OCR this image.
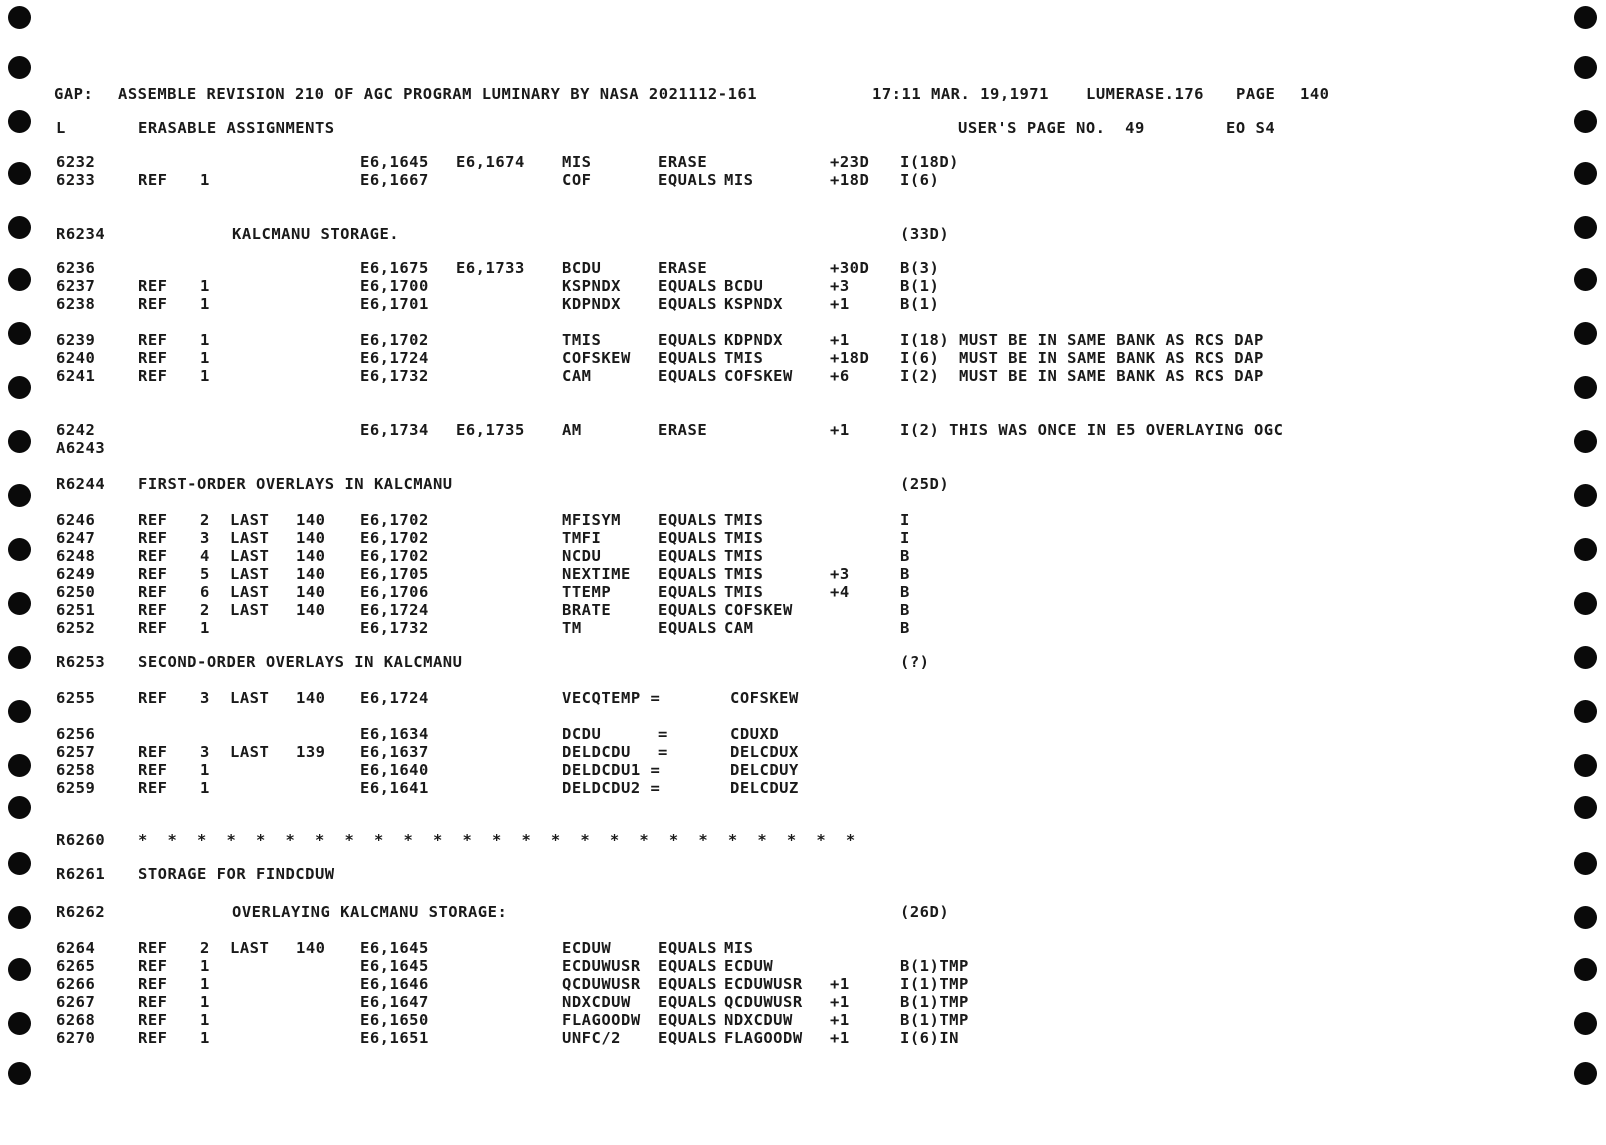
GAP:

ASSEMBLE REVISION 210 OF AGC PROGRAM LUMINARY BY NASA 2021112-161

	17:11 MAR. 19,1971

LUMERASE.176

PAGE

140

L

	ERASABLE ASSIGNMENTS

	USER'S PAGE NO.  49

	EO S4

6232	E6,1645 E6,1674 MIS	ERASE	+23D I(18D)
6233	REF 1	E6,1667	COF	EQUALS MIS	+18D I(6)
R6234	KALCMANU STORAGE.	(33D)
6236	E6,1675 E6,1733 BCDU	ERASE	+30D B(3)
6237	REF 1	E6,1700	KSPNDX EQUALS BCDU	+3	B(1)
6238	REF 1	E6,1701	KDPNDX EQUALS KSPNDX	+1	B(1)
6239	REF 1	E6,1702	TMIS	EQUALS KDPNDX	+1	I(18) MUST BE IN SAME BANK AS RCS DAP
6240	REF 1	E6,1724	COFSKEW EQUALS TMIS	+18D I(6)  MUST BE IN SAME BANK AS RCS DAP
6241	REF 1	E6,1732	CAM	EQUALS COFSKEW +6	I(2)  MUST BE IN SAME BANK AS RCS DAP
6242	E6,1734 E6,1735 AM	ERASE	+1	I(2) THIS WAS ONCE IN E5 OVERLAYING OGC
A6243
R6244 FIRST-ORDER OVERLAYS IN KALCMANU	(25D)
6246	REF 2 LAST 140 E6,1702	MFISYM EQUALS TMIS	I
6247	REF 3 LAST 140 E6,1702	TMFI	EQUALS TMIS	I
6248	REF 4 LAST 140 E6,1702	NCDU	EQUALS TMIS	B
6249	REF 5 LAST 140 E6,1705	NEXTIME EQUALS TMIS	+3	B
6250	REF 6 LAST 140 E6,1706	TTEMP	EQUALS TMIS	+4	B
6251	REF 2 LAST 140 E6,1724	BRATE	EQUALS COFSKEW	B
6252	REF 1	E6,1732	TM	EQUALS CAM	B
R6253 SECOND-ORDER OVERLAYS IN KALCMANU	(?)
6255	REF 3 LAST 140 E6,1724	VECQTEMP =	COFSKEW
6256	E6,1634	DCDU	=	CDUXD
6257	REF 3 LAST 139 E6,1637	DELDCDU =	DELCDUX
6258	REF 1	E6,1640	DELDCDU1 =	DELCDUY
6259	REF 1	E6,1641	DELDCDU2 =	DELCDUZ
R6260 *  *  *  *  *  *  *  *  *  *  *  *  *  *  *  *  *  *  *  *  *  *  *  *  *
R6261 STORAGE FOR FINDCDUW
R6262	OVERLAYING KALCMANU STORAGE:	(26D)
6264	REF 2 LAST 140 E6,1645	ECDUW	EQUALS MIS
6265	REF 1	E6,1645	ECDUWUSR EQUALS ECDUW	B(1)TMP
6266	REF 1	E6,1646	QCDUWUSR EQUALS ECDUWUSR +1	I(1)TMP
6267	REF 1	E6,1647	NDXCDUW EQUALS QCDUWUSR +1	B(1)TMP
6268	REF 1	E6,1650	FLAGOODW EQUALS NDXCDUW +1	B(1)TMP
6270	REF 1	E6,1651	UNFC/2 EQUALS FLAGOODW +1	I(6)IN
